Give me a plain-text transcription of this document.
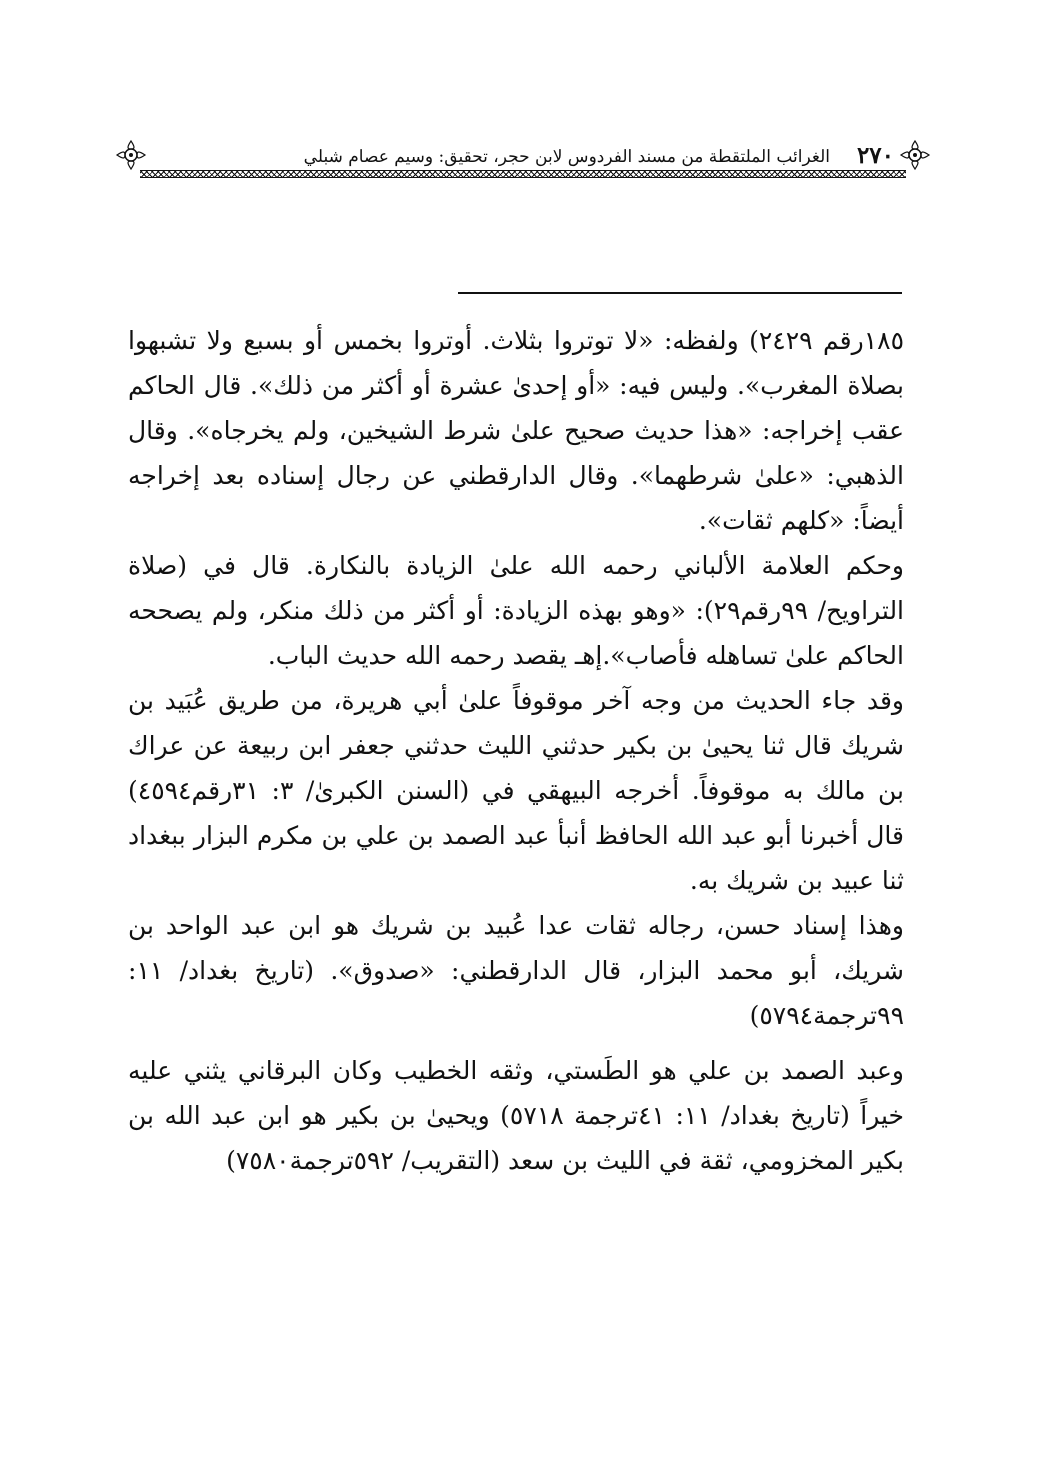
٢٧٠
الغرائب الملتقطة من مسند الفردوس لابن حجر، تحقيق: وسيم عصام شبلي

١٨٥رقم ٢٤٢٩) ولفظه: «لا توتروا بثلاث. أوتروا بخمس أو بسبع ولا تشبهوا بصلاة المغرب». وليس فيه: «أو إحدىٰ عشرة أو أكثر من ذلك». قال الحاكم عقب إخراجه: «هذا حديث صحيح علىٰ شرط الشيخين، ولم يخرجاه». وقال الذهبي: «علىٰ شرطهما». وقال الدارقطني عن رجال إسناده بعد إخراجه أيضاً: «كلهم ثقات».

وحكم العلامة الألباني رحمه الله علىٰ الزيادة بالنكارة. قال في (صلاة التراويح/ ٩٩رقم٢٩): «وهو بهذه الزيادة: أو أكثر من ذلك منكر، ولم يصححه الحاكم علىٰ تساهله فأصاب».إهـ يقصد رحمه الله حديث الباب.

وقد جاء الحديث من وجه آخر موقوفاً علىٰ أبي هريرة، من طريق عُبَيد بن شريك قال ثنا يحيىٰ بن بكير حدثني الليث حدثني جعفر ابن ربيعة عن عراك بن مالك به موقوفاً. أخرجه البيهقي في (السنن الكبرىٰ/ ٣: ٣١رقم٤٥٩٤) قال أخبرنا أبو عبد الله الحافظ أنبأ عبد الصمد بن علي بن مكرم البزار ببغداد ثنا عبيد بن شريك به.

وهذا إسناد حسن، رجاله ثقات عدا عُبيد بن شريك هو ابن عبد الواحد بن شريك، أبو محمد البزار، قال الدارقطني: «صدوق». (تاريخ بغداد/ ١١: ٩٩ترجمة٥٧٩٤)

وعبد الصمد بن علي هو الطَستي، وثقه الخطيب وكان البرقاني يثني عليه خيراً (تاريخ بغداد/ ١١: ٤١ترجمة ٥٧١٨) ويحيىٰ بن بكير هو ابن عبد الله بن بكير المخزومي، ثقة في الليث بن سعد (التقريب/ ٥٩٢ترجمة٧٥٨٠)
